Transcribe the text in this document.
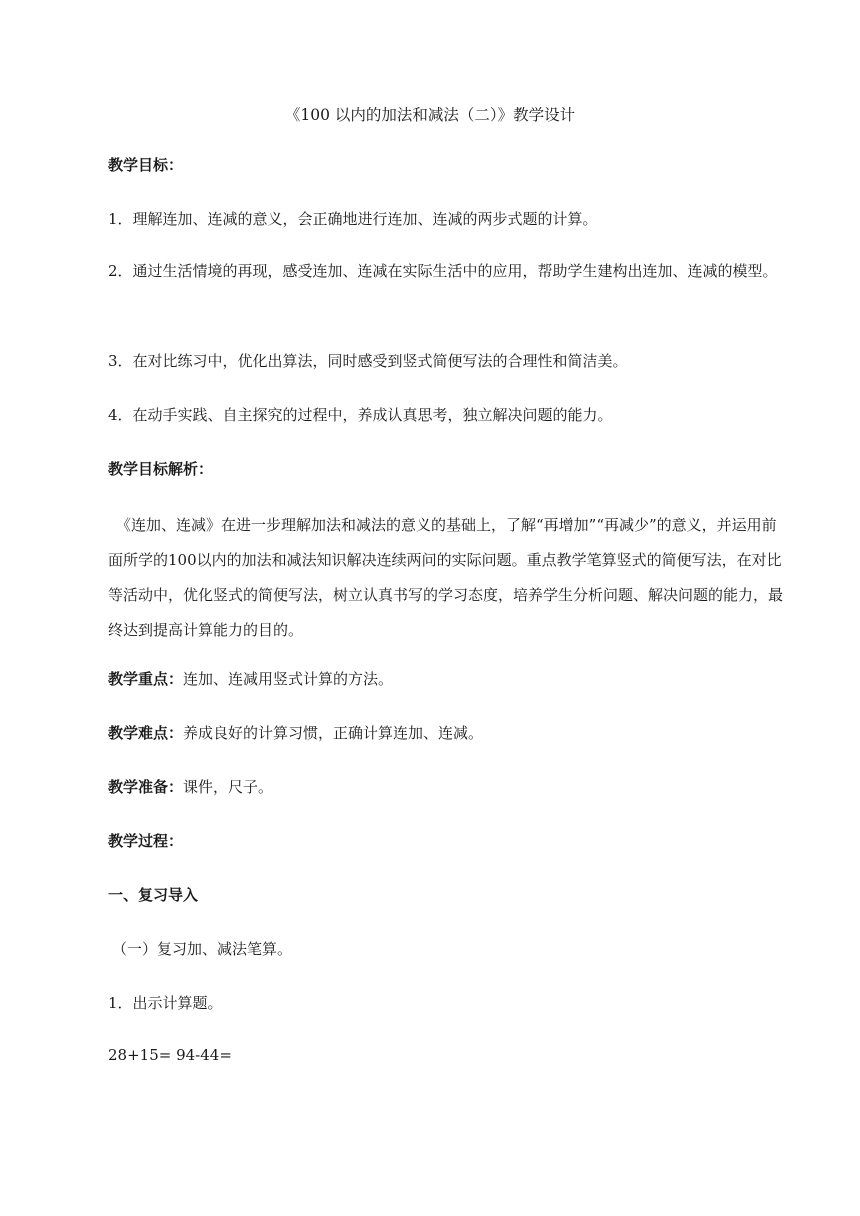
《100 以内的加法和减法（二）》教学设计
教学目标：
1．理解连加、连减的意义，会正确地进行连加、连减的两步式题的计算。
2．通过生活情境的再现，感受连加、连减在实际生活中的应用，帮助学生建构出连加、连减的模型。
3．在对比练习中，优化出算法，同时感受到竖式简便写法的合理性和简洁美。
4．在动手实践、自主探究的过程中，养成认真思考，独立解决问题的能力。
教学目标解析：
《连加、连减》在进一步理解加法和减法的意义的基础上，了解“再增加”“再减少”的意义，并运用前面所学的100以内的加法和减法知识解决连续两问的实际问题。重点教学笔算竖式的简便写法，在对比等活动中，优化竖式的简便写法，树立认真书写的学习态度，培养学生分析问题、解决问题的能力，最终达到提高计算能力的目的。
教学重点：连加、连减用竖式计算的方法。
教学难点：养成良好的计算习惯，正确计算连加、连减。
教学准备：课件，尺子。
教学过程：
一、复习导入
（一）复习加、减法笔算。
1．出示计算题。
28+15= 94-44=
